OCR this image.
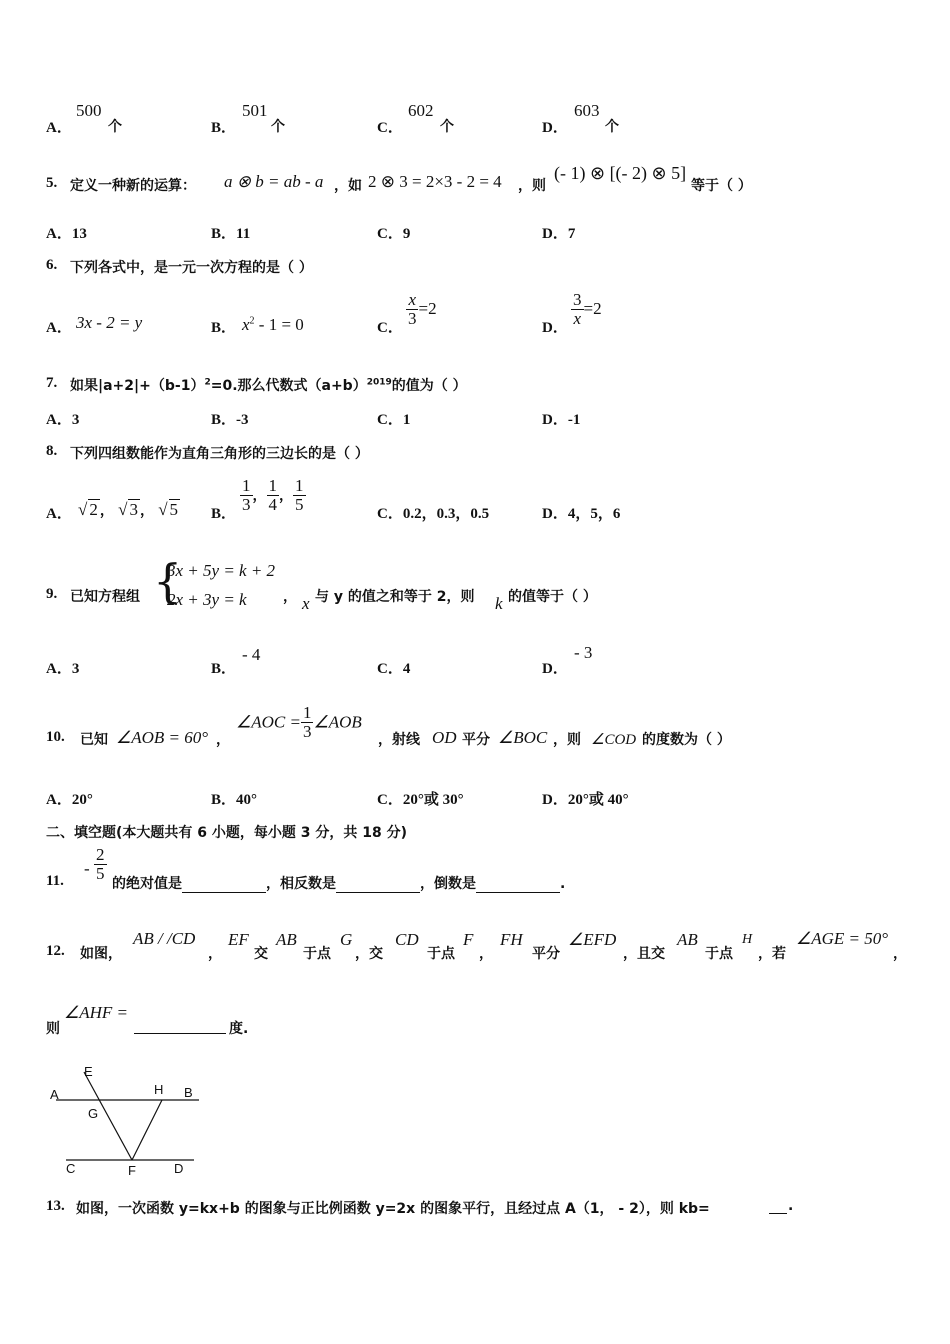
A．
500
个	B．
501
个	C．
602
个	D．
603
个
5. 定义一种新的运算： a ⊗ b = ab - a ，如 2 ⊗ 3 = 2×3 - 2 = 4 ，则
(- 1) ⊗ [(- 2) ⊗ 5]
等于（ ）
A．13	B．11	C．9	D．7
6. 下列各式中，是一元一次方程的是（ ）
A． 3x - 2 = y	B． $x^2 - 1 = 0$	C．
$\frac{x}{3} =2$
D．
$\frac{3}{x} =2$
7. 如果$|a+2|+(b-1)^2=0$.那么代数式$(a+b)^{2019}$的值为（ ）
A．3	B．-3	C．1	D．-1
8. 下列四组数能作为直角三角形的三边长的是（ ）
A． √ 2 ， √ 3 ， √ 5 B．
$\frac{1}{3}$ ， $\frac{1}{4}$ ， $\frac{1}{5}$
C．0.2，0.3，0.5	D．4，5，6
9. 已知方程组 {
3x + 5y = k + 2
2x + 3y = k	， x 与 y 的值之和等于 2，则 k 的值等于（ ）
A．3	B．
- 4
C．4	D．
- 3
10. 已知 ∠AOB = 60° ，
∠AOC = $\frac{1}{3}$ ∠AOB
，射线 OD 平分 ∠BOC ，则 ∠COD 的度数为（ ）
A．20°	B．40°	C．20°或 30°	D．20°或 40°
二、填空题(本大题共有 6 小题，每小题 3 分，共 18 分)
11.
- $\frac{2}{5}$
的绝对值是	，相反数是	，倒数是	.
12. 如图，
AB / /CD
，
EF
交
AB
于点
G
，交
CD
于点
F
，
FH
平分
∠EFD
，且交
AB
于点
H
，若
∠AGE = 50°
，
则
∠AHF =
度.
E
A
G
H B
C	F	D
13. 如图，一次函数 y=kx+b 的图象与正比例函数 y=2x 的图象平行，且经过点 A（1， - 2），则 kb=	.
